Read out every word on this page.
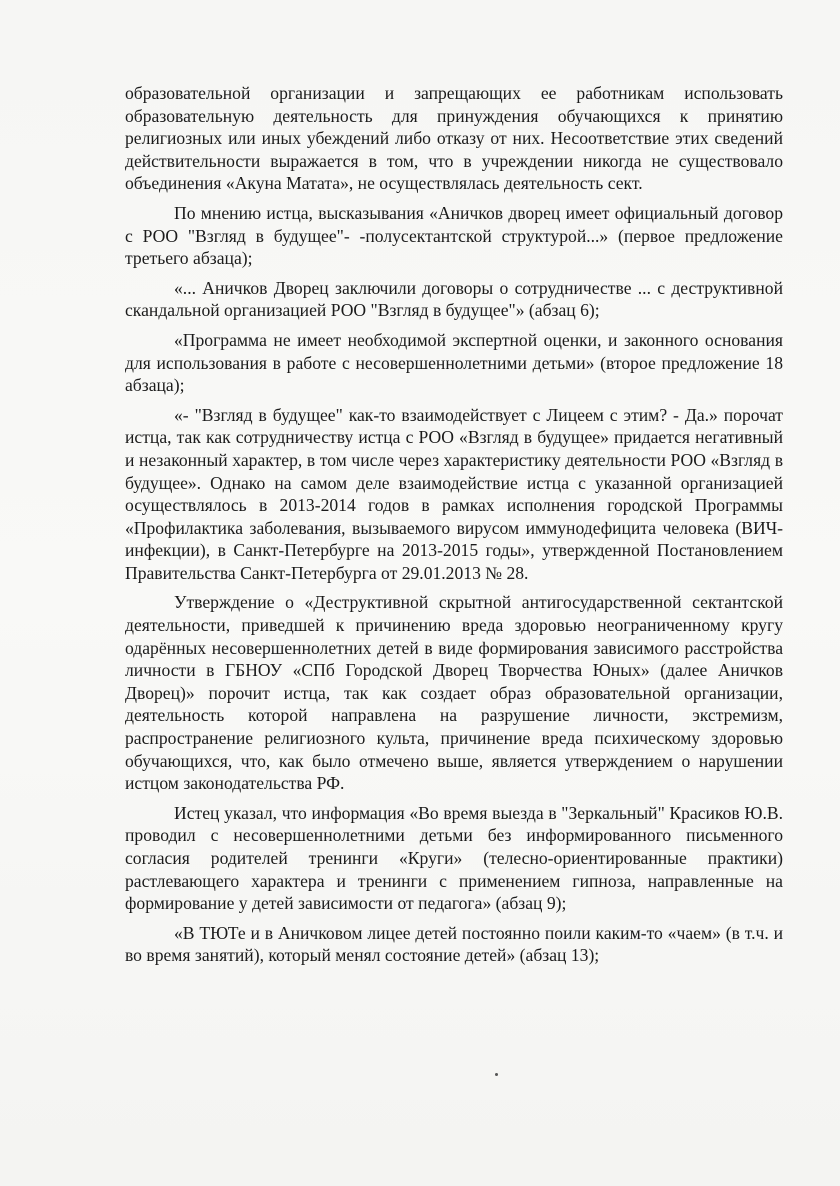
образовательной организации и запрещающих ее работникам использовать образовательную деятельность для принуждения обучающихся к принятию религиозных или иных убеждений либо отказу от них. Несоответствие этих сведений действительности выражается в том, что в учреждении никогда не существовало объединения «Акуна Матата», не осуществлялась деятельность сект.

По мнению истца, высказывания «Аничков дворец имеет официальный договор с РОО "Взгляд в будущее"- -полусектантской структурой...» (первое предложение третьего абзаца);

«... Аничков Дворец заключили договоры о сотрудничестве ... с деструктивной скандальной организацией РОО "Взгляд в будущее"» (абзац 6);

«Программа не имеет необходимой экспертной оценки, и законного основания для использования в работе с несовершеннолетними детьми» (второе предложение 18 абзаца);

«- "Взгляд в будущее" как-то взаимодействует с Лицеем с этим? - Да.» порочат истца, так как сотрудничеству истца с РОО «Взгляд в будущее» придается негативный и незаконный характер, в том числе через характеристику деятельности РОО «Взгляд в будущее». Однако на самом деле взаимодействие истца с указанной организацией осуществлялось в 2013-2014 годов в рамках исполнения городской Программы «Профилактика заболевания, вызываемого вирусом иммунодефицита человека (ВИЧ-инфекции), в Санкт-Петербурге на 2013-2015 годы», утвержденной Постановлением Правительства Санкт-Петербурга от 29.01.2013 № 28.

Утверждение о «Деструктивной скрытной антигосударственной сектантской деятельности, приведшей к причинению вреда здоровью неограниченному кругу одарённых несовершеннолетних детей в виде формирования зависимого расстройства личности в ГБНОУ «СПб Городской Дворец Творчества Юных» (далее Аничков Дворец)» порочит истца, так как создает образ образовательной организации, деятельность которой направлена на разрушение личности, экстремизм, распространение религиозного культа, причинение вреда психическому здоровью обучающихся, что, как было отмечено выше, является утверждением о нарушении истцом законодательства РФ.

Истец указал, что информация «Во время выезда в "Зеркальный" Красиков Ю.В. проводил с несовершеннолетними детьми без информированного письменного согласия родителей тренинги «Круги» (телесно-ориентированные практики) растлевающего характера и тренинги с применением гипноза, направленные на формирование у детей зависимости от педагога» (абзац 9);

«В ТЮТе и в Аничковом лицее детей постоянно поили каким-то «чаем» (в т.ч. и во время занятий), который менял состояние детей» (абзац 13);
